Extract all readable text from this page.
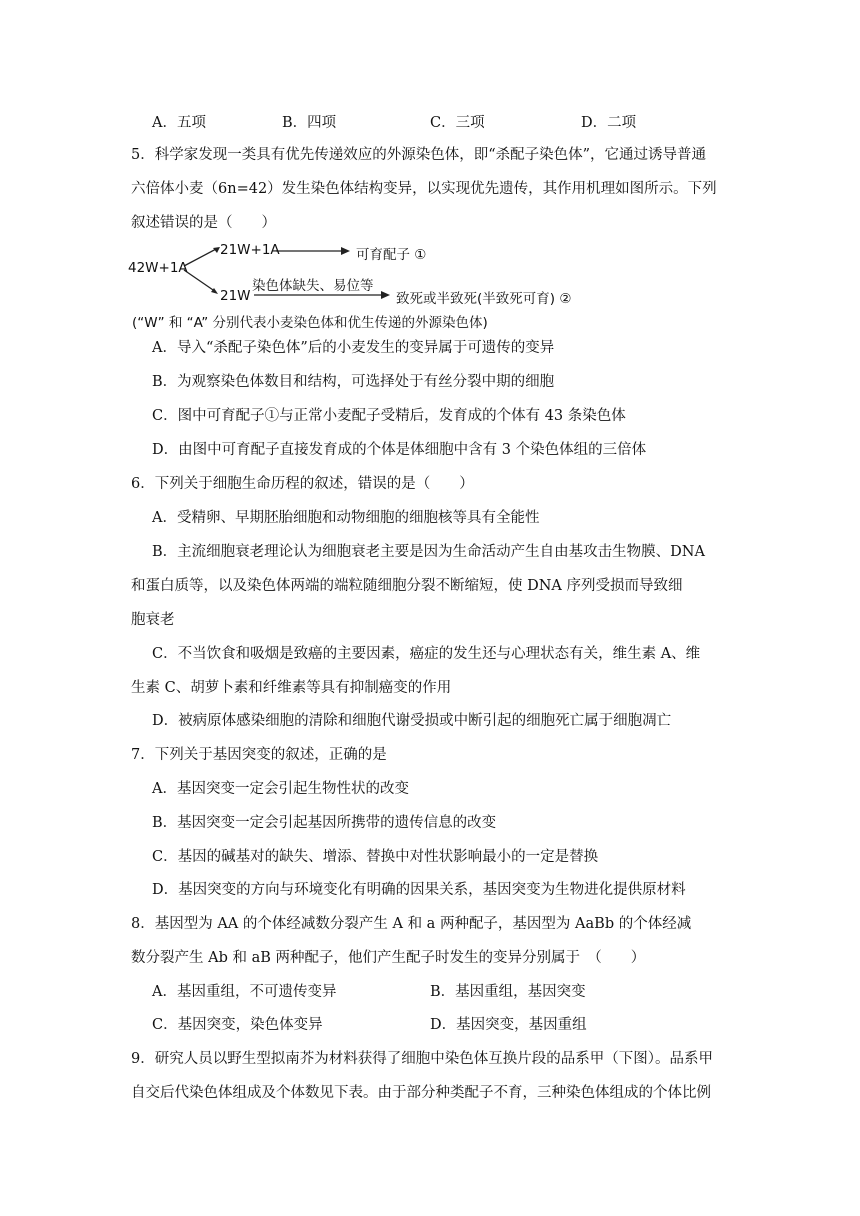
A．五项	B．四项	C．三项	D．二项
5．科学家发现一类具有优先传递效应的外源染色体，即“杀配子染色体”，它通过诱导普通
六倍体小麦（6n=42）发生染色体结构变异，以实现优先遗传，其作用机理如图所示。下列
叙述错误的是（　　）
42W+1A
21W+1A	可育配子 ①
21W
染色体缺失、易位等
致死或半致死(半致死可育) ②
(“W” 和 “A” 分别代表小麦染色体和优生传递的外源染色体)
A．导入“杀配子染色体”后的小麦发生的变异属于可遗传的变异
B．为观察染色体数目和结构，可选择处于有丝分裂中期的细胞
C．图中可育配子①与正常小麦配子受精后，发育成的个体有 43 条染色体
D．由图中可育配子直接发育成的个体是体细胞中含有 3 个染色体组的三倍体
6．下列关于细胞生命历程的叙述，错误的是（　　）
A．受精卵、早期胚胎细胞和动物细胞的细胞核等具有全能性
B．主流细胞衰老理论认为细胞衰老主要是因为生命活动产生自由基攻击生物膜、DNA
和蛋白质等，以及染色体两端的端粒随细胞分裂不断缩短，使 DNA 序列受损而导致细
胞衰老
C．不当饮食和吸烟是致癌的主要因素，癌症的发生还与心理状态有关，维生素 A、维
生素 C、胡萝卜素和纤维素等具有抑制癌变的作用
D．被病原体感染细胞的清除和细胞代谢受损或中断引起的细胞死亡属于细胞凋亡
7．下列关于基因突变的叙述，正确的是
A．基因突变一定会引起生物性状的改变
B．基因突变一定会引起基因所携带的遗传信息的改变
C．基因的碱基对的缺失、增添、替换中对性状影响最小的一定是替换
D．基因突变的方向与环境变化有明确的因果关系，基因突变为生物进化提供原材料
8．基因型为 AA 的个体经减数分裂产生 A 和 a 两种配子，基因型为 AaBb 的个体经减
数分裂产生 Ab 和 aB 两种配子，他们产生配子时发生的变异分别属于　（　　）
A．基因重组，不可遗传变异	B．基因重组，基因突变
C．基因突变，染色体变异	D．基因突变，基因重组
9．研究人员以野生型拟南芥为材料获得了细胞中染色体互换片段的品系甲（下图）。品系甲
自交后代染色体组成及个体数见下表。由于部分种类配子不育，三种染色体组成的个体比例
